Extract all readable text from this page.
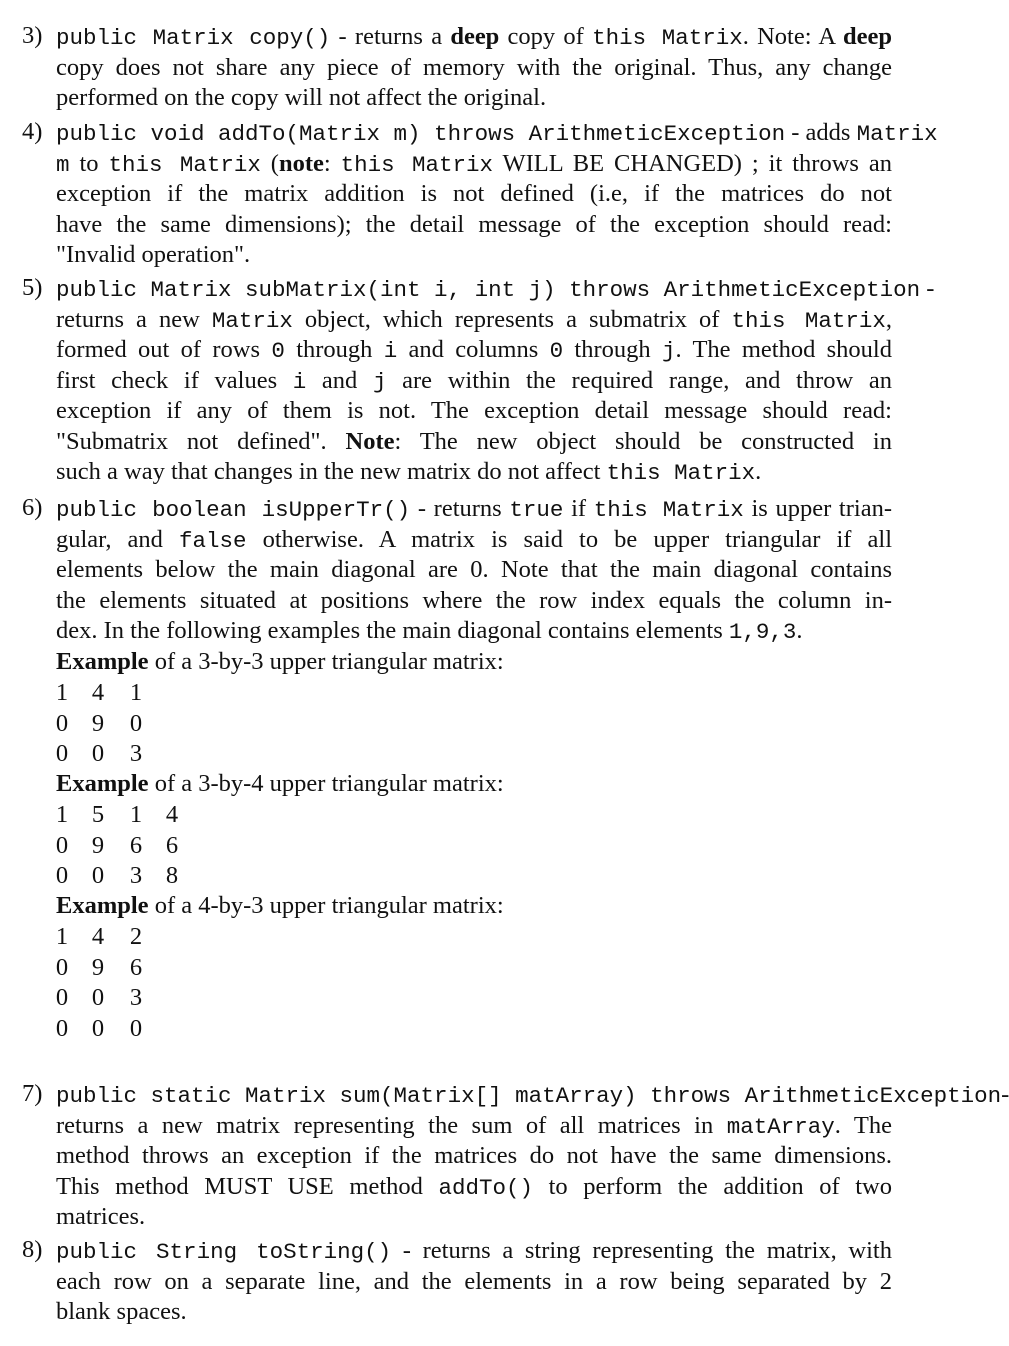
3) public Matrix copy() - returns a deep copy of this Matrix. Note: A deep
copy does not share any piece of memory with the original. Thus, any change
performed on the copy will not affect the original.
4) public void addTo(Matrix m) throws ArithmeticException - adds Matrix
m to this Matrix (note: this Matrix WILL BE CHANGED) ; it throws an
exception if the matrix addition is not defined (i.e, if the matrices do not
have the same dimensions); the detail message of the exception should read:
"Invalid operation".
5) public Matrix subMatrix(int i, int j) throws ArithmeticException -
returns a new Matrix object, which represents a submatrix of this Matrix,
formed out of rows 0 through i and columns 0 through j. The method should
first check if values i and j are within the required range, and throw an
exception if any of them is not. The exception detail message should read:
"Submatrix not defined". Note: The new object should be constructed in
such a way that changes in the new matrix do not affect this Matrix.
6) public boolean isUpperTr() - returns true if this Matrix is upper trian-
gular, and false otherwise. A matrix is said to be upper triangular if all
elements below the main diagonal are 0. Note that the main diagonal contains
the elements situated at positions where the row index equals the column in-
dex. In the following examples the main diagonal contains elements 1,9,3.
Example of a 3-by-3 upper triangular matrix:
1 4 1
0 9 0
0 0 3
Example of a 3-by-4 upper triangular matrix:
1 5 1 4
0 9 6 6
0 0 3 8
Example of a 4-by-3 upper triangular matrix:
1 4 2
0 9 6
0 0 3
0 0 0
7) public static Matrix sum(Matrix[] matArray) throws ArithmeticException-
returns a new matrix representing the sum of all matrices in matArray. The
method throws an exception if the matrices do not have the same dimensions.
This method MUST USE method addTo() to perform the addition of two
matrices.
8) public String toString() - returns a string representing the matrix, with
each row on a separate line, and the elements in a row being separated by 2
blank spaces.
